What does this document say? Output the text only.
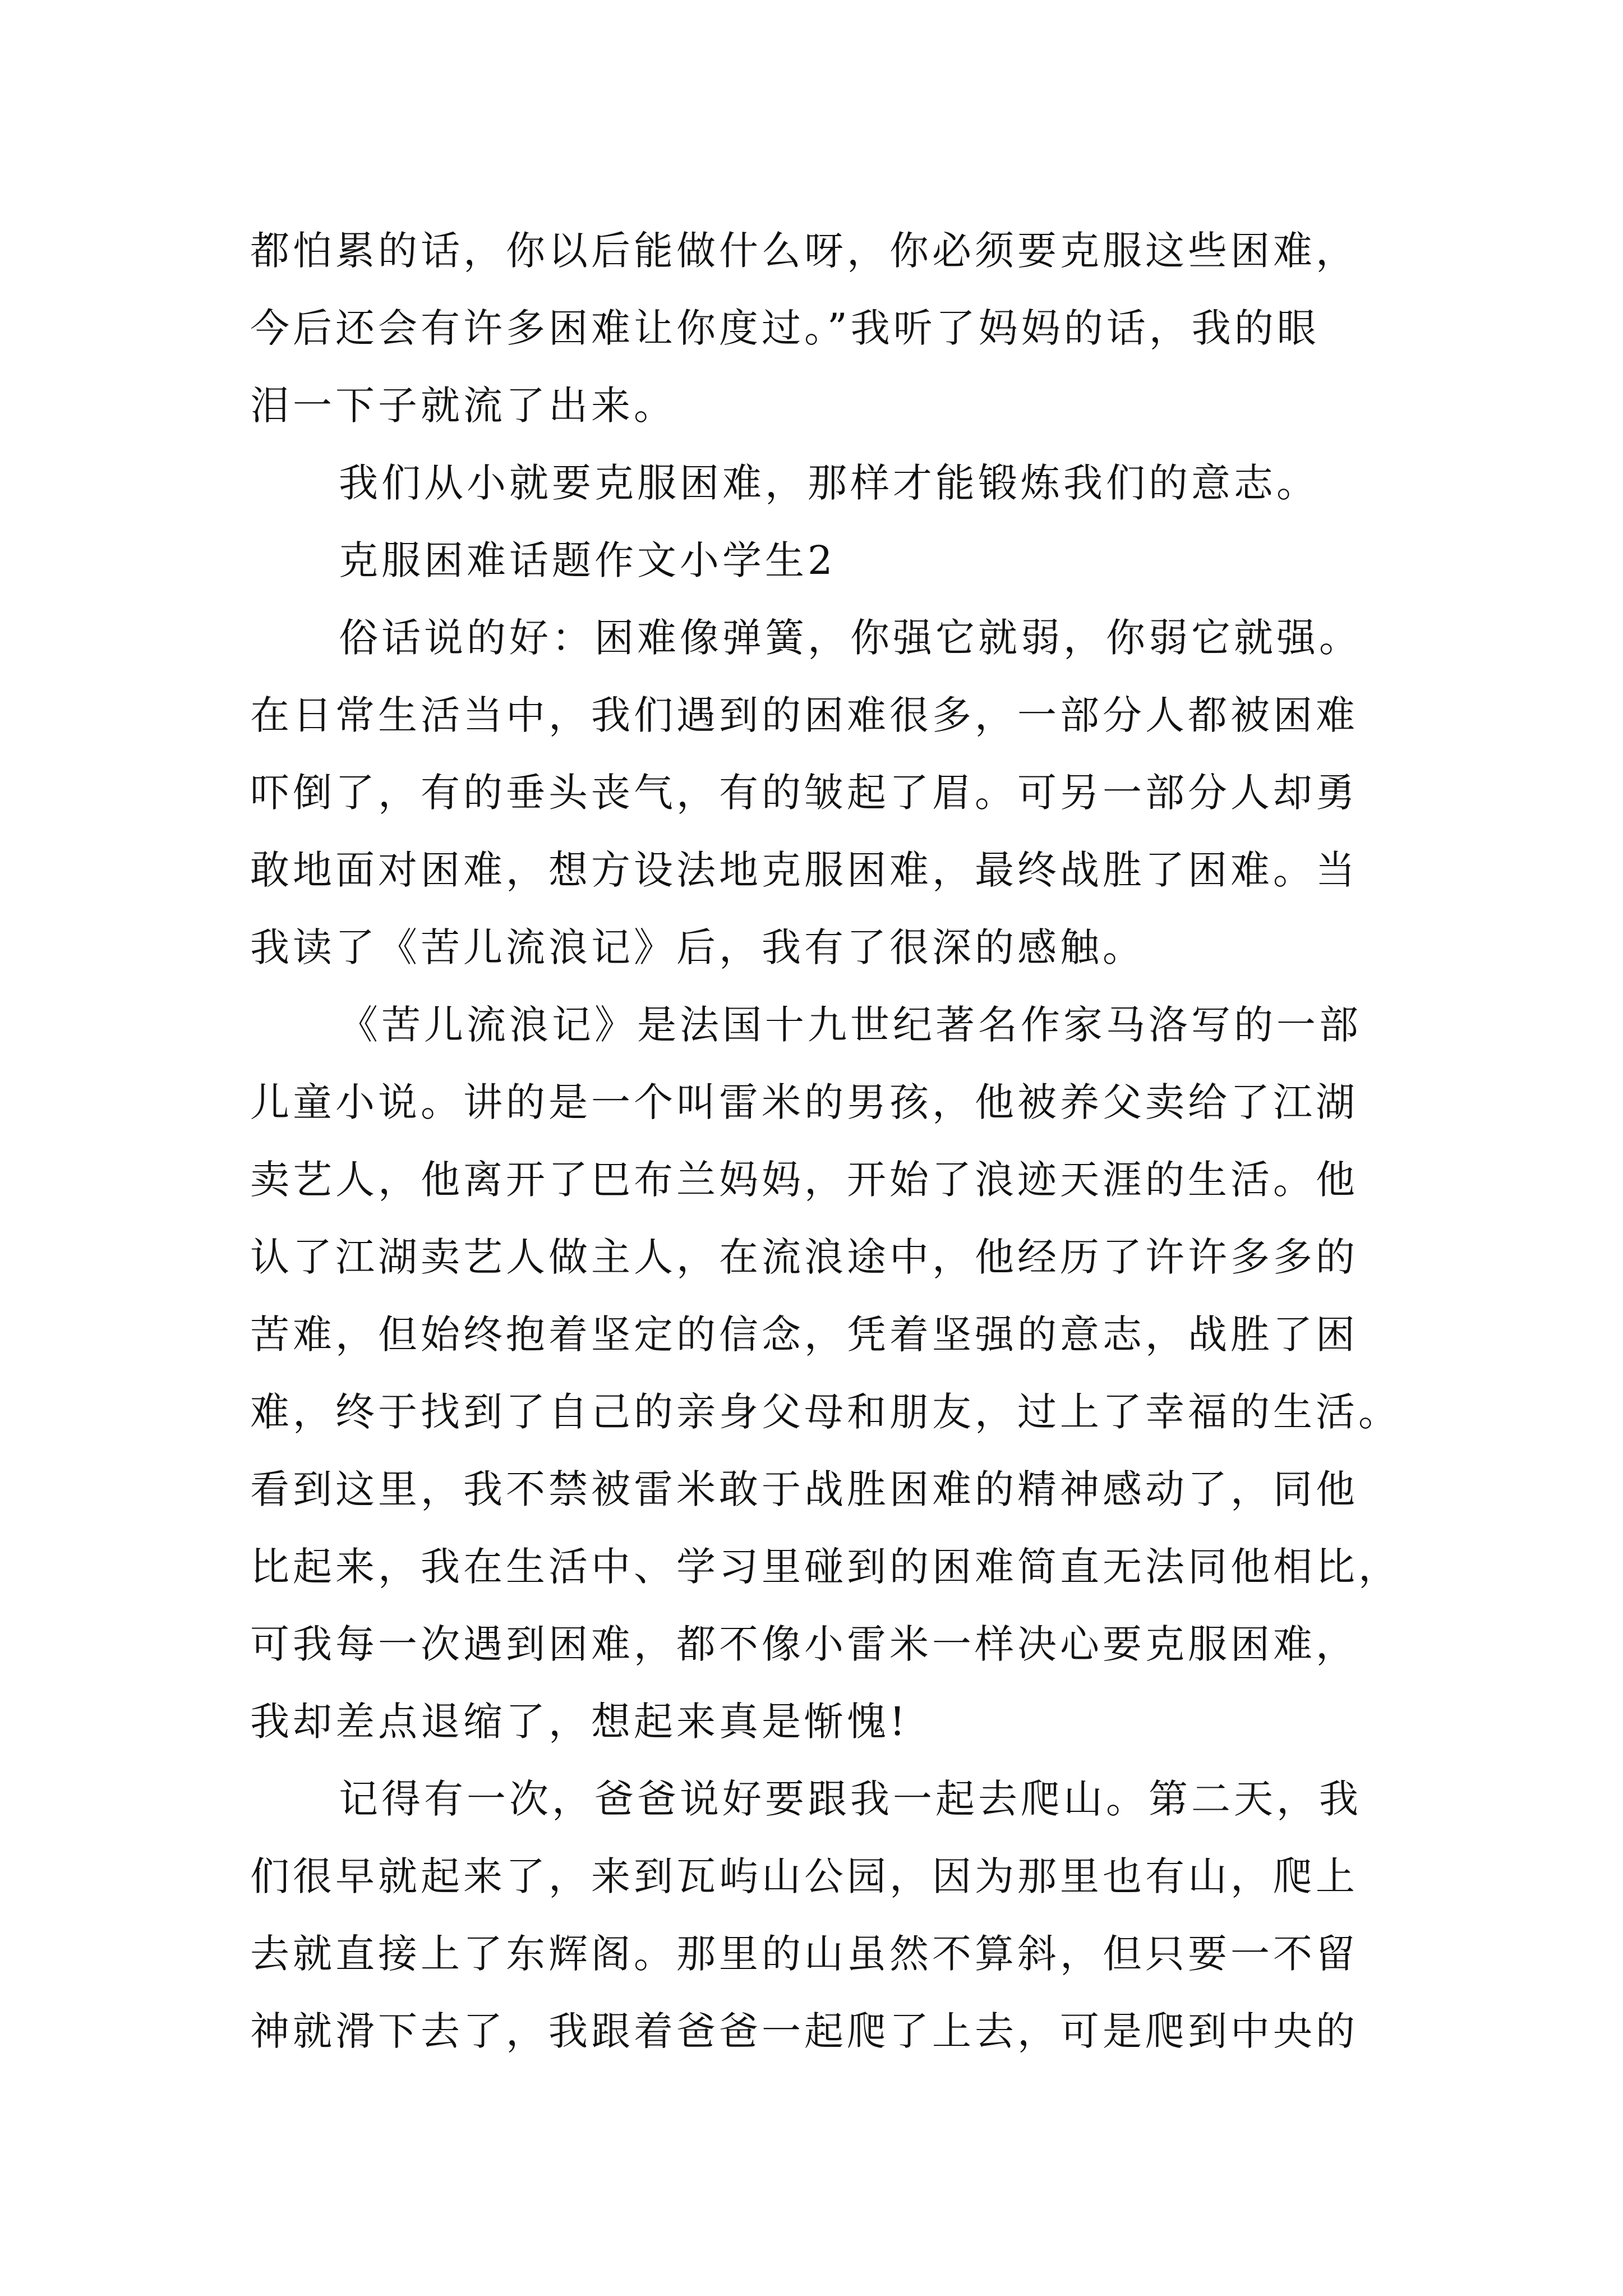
都怕累的话，你以后能做什么呀，你必须要克服这些困难，
今后还会有许多困难让你度过。”我听了妈妈的话，我的眼
泪一下子就流了出来。
我们从小就要克服困难，那样才能锻炼我们的意志。
克服困难话题作文小学生2
俗话说的好：困难像弹簧，你强它就弱，你弱它就强。
在日常生活当中，我们遇到的困难很多，一部分人都被困难
吓倒了，有的垂头丧气，有的皱起了眉。可另一部分人却勇
敢地面对困难，想方设法地克服困难，最终战胜了困难。当
我读了《苦儿流浪记》后，我有了很深的感触。
《苦儿流浪记》是法国十九世纪著名作家马洛写的一部
儿童小说。讲的是一个叫雷米的男孩，他被养父卖给了江湖
卖艺人，他离开了巴布兰妈妈，开始了浪迹天涯的生活。他
认了江湖卖艺人做主人，在流浪途中，他经历了许许多多的
苦难，但始终抱着坚定的信念，凭着坚强的意志，战胜了困
难，终于找到了自己的亲身父母和朋友，过上了幸福的生活。
看到这里，我不禁被雷米敢于战胜困难的精神感动了，同他
比起来，我在生活中、学习里碰到的困难简直无法同他相比，
可我每一次遇到困难，都不像小雷米一样决心要克服困难，
我却差点退缩了，想起来真是惭愧!
记得有一次，爸爸说好要跟我一起去爬山。第二天，我
们很早就起来了，来到瓦屿山公园，因为那里也有山，爬上
去就直接上了东辉阁。那里的山虽然不算斜，但只要一不留
神就滑下去了，我跟着爸爸一起爬了上去，可是爬到中央的
